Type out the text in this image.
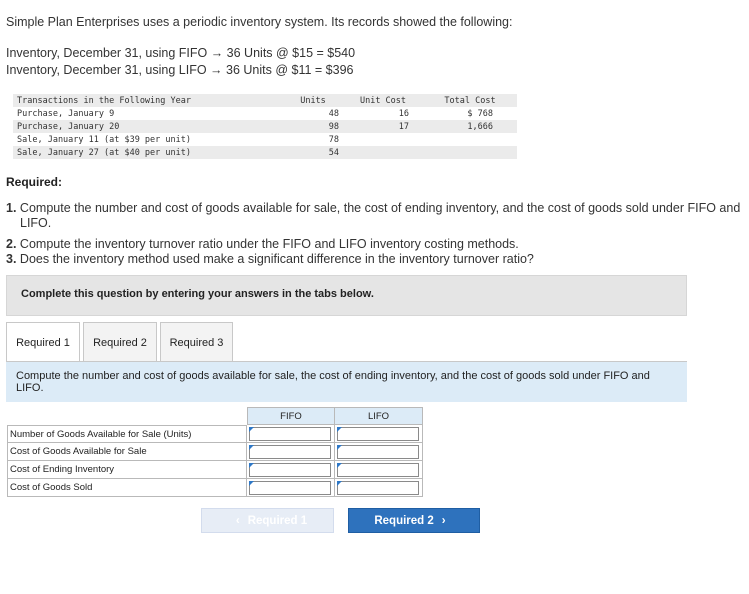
Simple Plan Enterprises uses a periodic inventory system. Its records showed the following:
Inventory, December 31, using FIFO → 36 Units @ $15 = $540
Inventory, December 31, using LIFO → 36 Units @ $11 = $396
Transactions in the Following Year	Units	Unit Cost	Total Cost
Purchase, January 9	48	16	$ 768
Purchase, January 20	98	17	1,666
Sale, January 11 (at $39 per unit)	78
Sale, January 27 (at $40 per unit)	54
Required:
1. Compute the number and cost of goods available for sale, the cost of ending inventory, and the cost of goods sold under FIFO and LIFO.
2. Compute the inventory turnover ratio under the FIFO and LIFO inventory costing methods.
3. Does the inventory method used make a significant difference in the inventory turnover ratio?
Complete this question by entering your answers in the tabs below.
Required 1	Required 2	Required 3
Compute the number and cost of goods available for sale, the cost of ending inventory, and the cost of goods sold under FIFO and LIFO.
FIFO	LIFO
Number of Goods Available for Sale (Units)
Cost of Goods Available for Sale
Cost of Ending Inventory
Cost of Goods Sold
‹ Required 1	Required 2 ›
